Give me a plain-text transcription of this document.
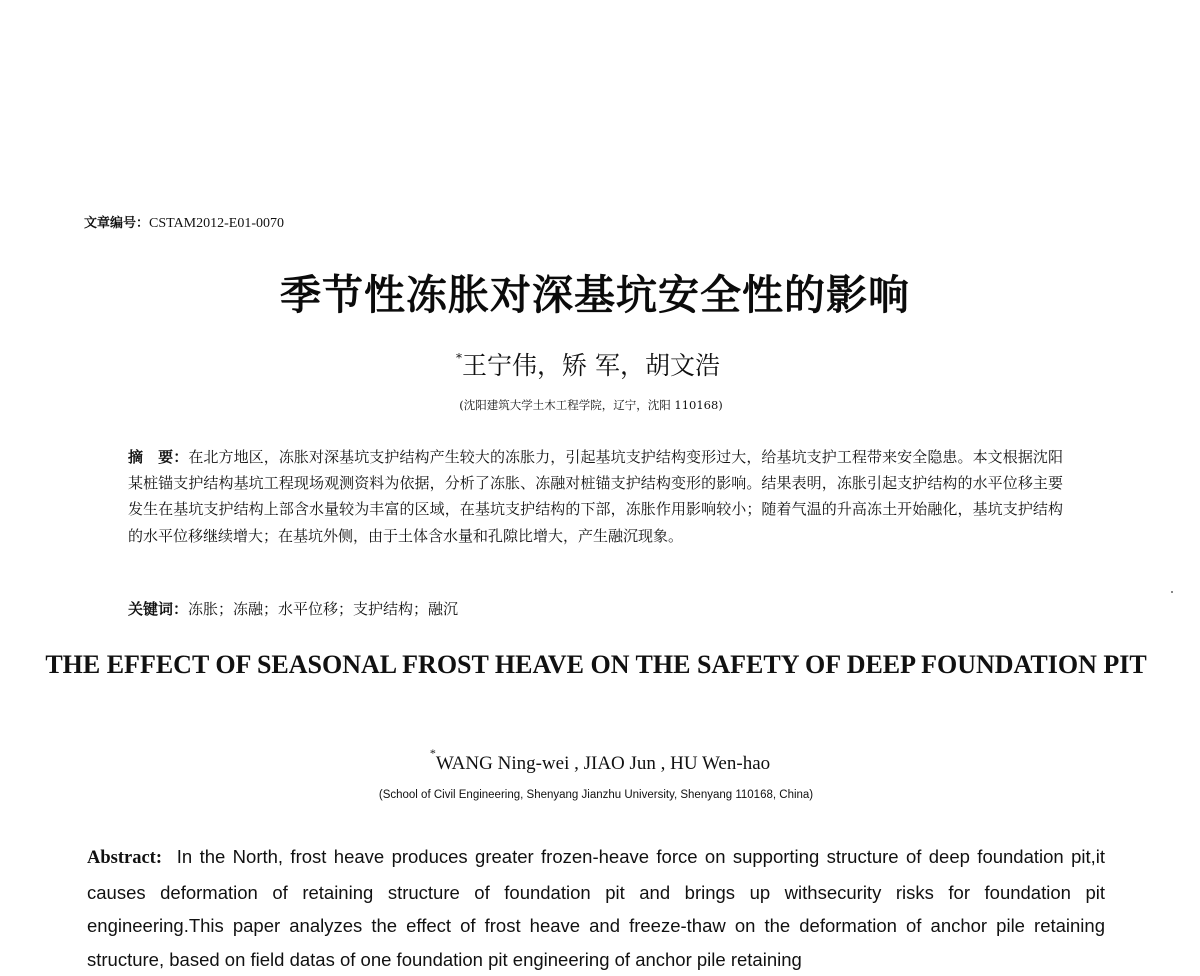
文章编号：CSTAM2012-E01-0070
季节性冻胀对深基坑安全性的影响
*王宁伟，矫 军，胡文浩
(沈阳建筑大学土木工程学院，辽宁，沈阳 110168)
摘　要：在北方地区，冻胀对深基坑支护结构产生较大的冻胀力，引起基坑支护结构变形过大，给基坑支护工程带来安全隐患。本文根据沈阳某桩锚支护结构基坑工程现场观测资料为依据，分析了冻胀、冻融对桩锚支护结构变形的影响。结果表明，冻胀引起支护结构的水平位移主要发生在基坑支护结构上部含水量较为丰富的区域，在基坑支护结构的下部，冻胀作用影响较小；随着气温的升高冻土开始融化，基坑支护结构的水平位移继续增大；在基坑外侧，由于土体含水量和孔隙比增大，产生融沉现象。
关键词：冻胀；冻融；水平位移；支护结构；融沉
THE EFFECT OF SEASONAL FROST HEAVE ON THE SAFETY OF DEEP FOUNDATION PIT
*WANG Ning-wei , JIAO Jun , HU Wen-hao
(School of Civil Engineering, Shenyang Jianzhu University, Shenyang 110168, China)
Abstract: In the North, frost heave produces greater frozen-heave force on supporting structure of deep foundation pit,it causes deformation of retaining structure of foundation pit and brings up withsecurity risks for foundation pit engineering.This paper analyzes the effect of frost heave and freeze-thaw on the deformation of anchor pile retaining structure, based on field datas of one foundation pit engineering of anchor pile retaining
